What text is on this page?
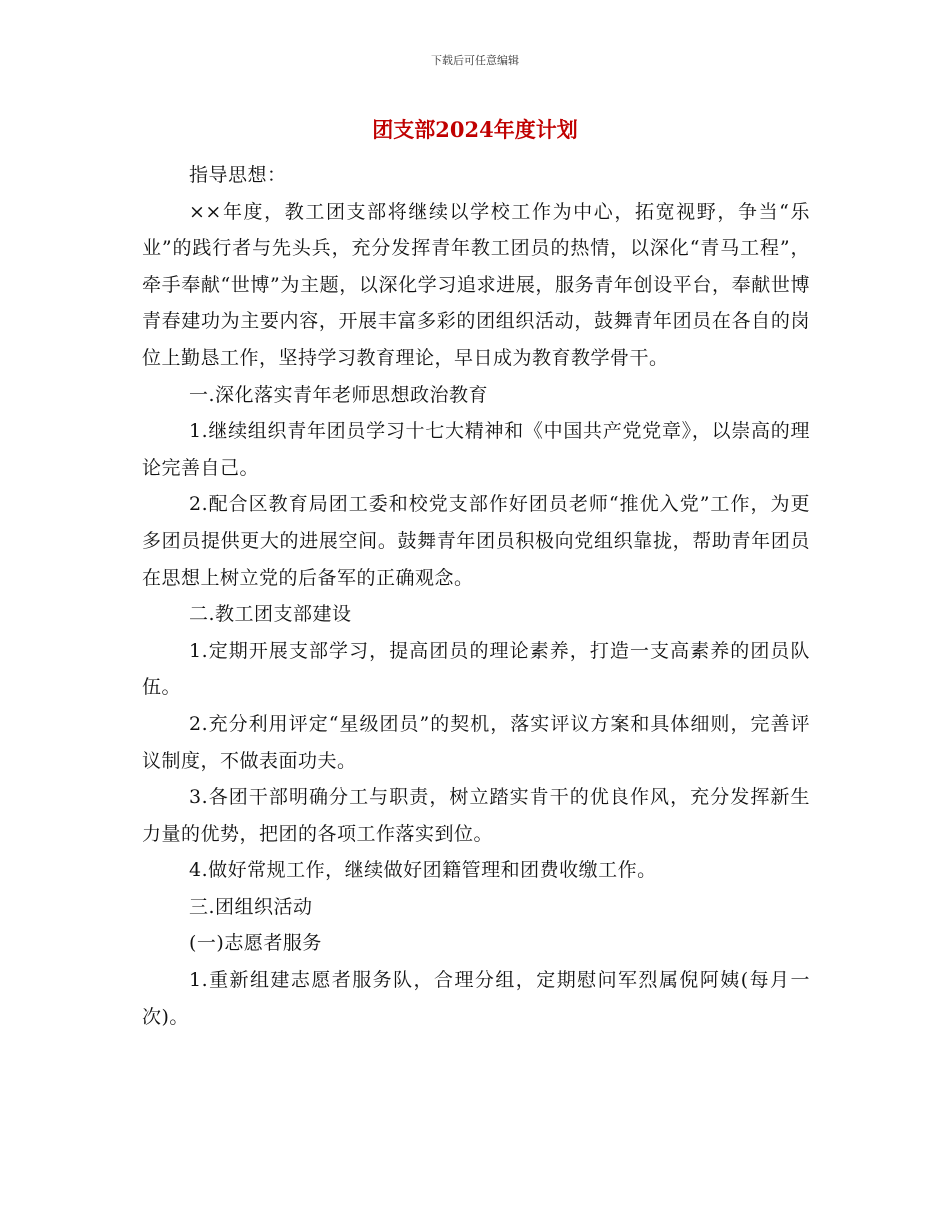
下载后可任意编辑
团支部2024年度计划

指导思想：

××年度，教工团支部将继续以学校工作为中心，拓宽视野，争当“乐业”的践行者与先头兵，充分发挥青年教工团员的热情，以深化“青马工程”，牵手奉献“世博”为主题，以深化学习追求进展，服务青年创设平台，奉献世博青春建功为主要内容，开展丰富多彩的团组织活动，鼓舞青年团员在各自的岗位上勤恳工作，坚持学习教育理论，早日成为教育教学骨干。

一.深化落实青年老师思想政治教育

1.继续组织青年团员学习十七大精神和《中国共产党党章》，以崇高的理论完善自己。

2.配合区教育局团工委和校党支部作好团员老师“推优入党”工作，为更多团员提供更大的进展空间。鼓舞青年团员积极向党组织靠拢，帮助青年团员在思想上树立党的后备军的正确观念。

二.教工团支部建设

1.定期开展支部学习，提高团员的理论素养，打造一支高素养的团员队伍。

2.充分利用评定“星级团员”的契机，落实评议方案和具体细则，完善评议制度，不做表面功夫。

3.各团干部明确分工与职责，树立踏实肯干的优良作风，充分发挥新生力量的优势，把团的各项工作落实到位。

4.做好常规工作，继续做好团籍管理和团费收缴工作。

三.团组织活动

(一)志愿者服务

1.重新组建志愿者服务队，合理分组，定期慰问军烈属倪阿姨(每月一次)。
